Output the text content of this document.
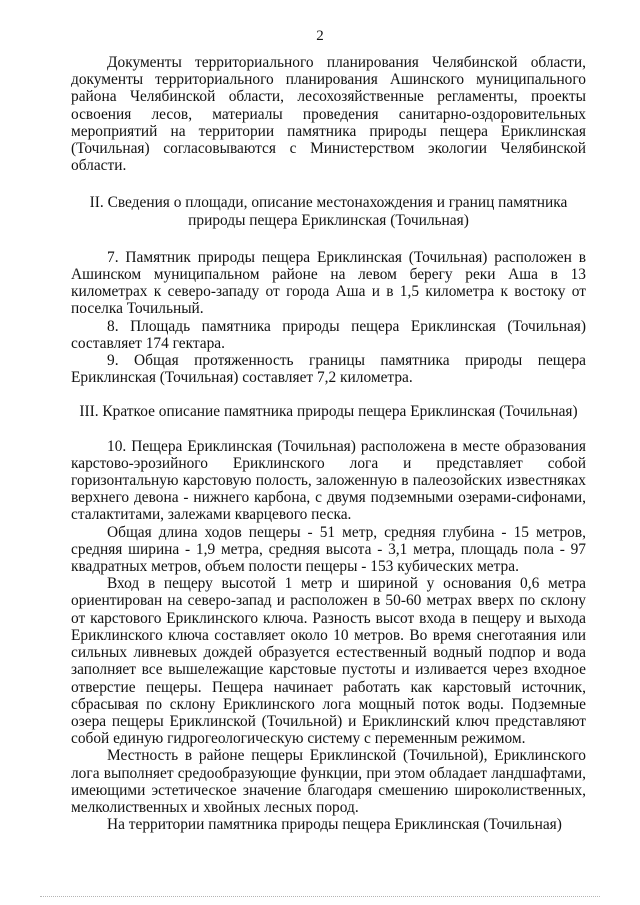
2

Документы территориального планирования Челябинской области, документы территориального планирования Ашинского муниципального района Челябинской области, лесохозяйственные регламенты, проекты освоения лесов, материалы проведения санитарно-оздоровительных мероприятий на территории памятника природы пещера Ериклинская (Точильная) согласовываются с Министерством экологии Челябинской области.

II. Сведения о площади, описание местонахождения и границ памятника
природы пещера Ериклинская (Точильная)

7. Памятник природы пещера Ериклинская (Точильная) расположен в Ашинском муниципальном районе на левом берегу реки Аша в 13 километрах к северо-западу от города Аша и в 1,5 километра к востоку от поселка Точильный.

8. Площадь памятника природы пещера Ериклинская (Точильная) составляет 174 гектара.

9. Общая протяженность границы памятника природы пещера Ериклинская (Точильная) составляет 7,2 километра.

III. Краткое описание памятника природы пещера Ериклинская (Точильная)

10. Пещера Ериклинская (Точильная) расположена в месте образования карстово-эрозийного Ериклинского лога и представляет собой горизонтальную карстовую полость, заложенную в палеозойских известняках верхнего девона - нижнего карбона, с двумя подземными озерами-сифонами, сталактитами, залежами кварцевого песка.

Общая длина ходов пещеры - 51 метр, средняя глубина - 15 метров, средняя ширина - 1,9 метра, средняя высота - 3,1 метра, площадь пола - 97 квадратных метров, объем полости пещеры - 153 кубических метра.

Вход в пещеру высотой 1 метр и шириной у основания 0,6 метра ориентирован на северо-запад и расположен в 50-60 метрах вверх по склону от карстового Ериклинского ключа. Разность высот входа в пещеру и выхода Ериклинского ключа составляет около 10 метров. Во время снеготаяния или сильных ливневых дождей образуется естественный водный подпор и вода заполняет все вышележащие карстовые пустоты и изливается через входное отверстие пещеры. Пещера начинает работать как карстовый источник, сбрасывая по склону Ериклинского лога мощный поток воды. Подземные озера пещеры Ериклинской (Точильной) и Ериклинский ключ представляют собой единую гидрогеологическую систему с переменным режимом.

Местность в районе пещеры Ериклинской (Точильной), Ериклинского лога выполняет средообразующие функции, при этом обладает ландшафтами, имеющими эстетическое значение благодаря смешению широколиственных, мелколиственных и хвойных лесных пород.

На территории памятника природы пещера Ериклинская (Точильная)
